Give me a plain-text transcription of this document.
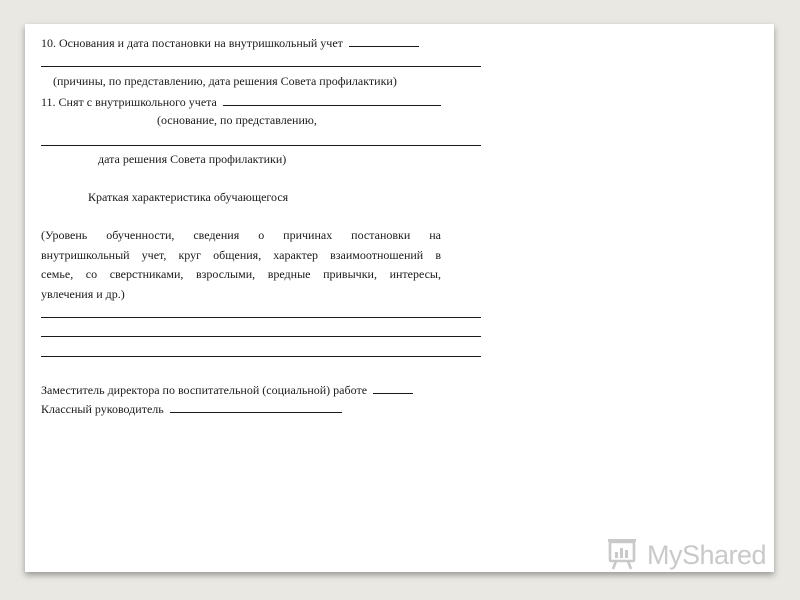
10. Основания и дата постановки на внутришкольный учет
(причины, по представлению, дата решения Совета профилактики)
11. Снят с внутришкольного учета
(основание, по представлению,
дата решения Совета профилактики)
Краткая характеристика обучающегося
(Уровень обученности, сведения о причинах постановки на
внутришкольный учет, круг общения, характер взаимоотношений в
семье, со сверстниками, взрослыми, вредные привычки, интересы,
увлечения и др.)
Заместитель директора по воспитательной (социальной) работе
Классный руководитель
MyShared
